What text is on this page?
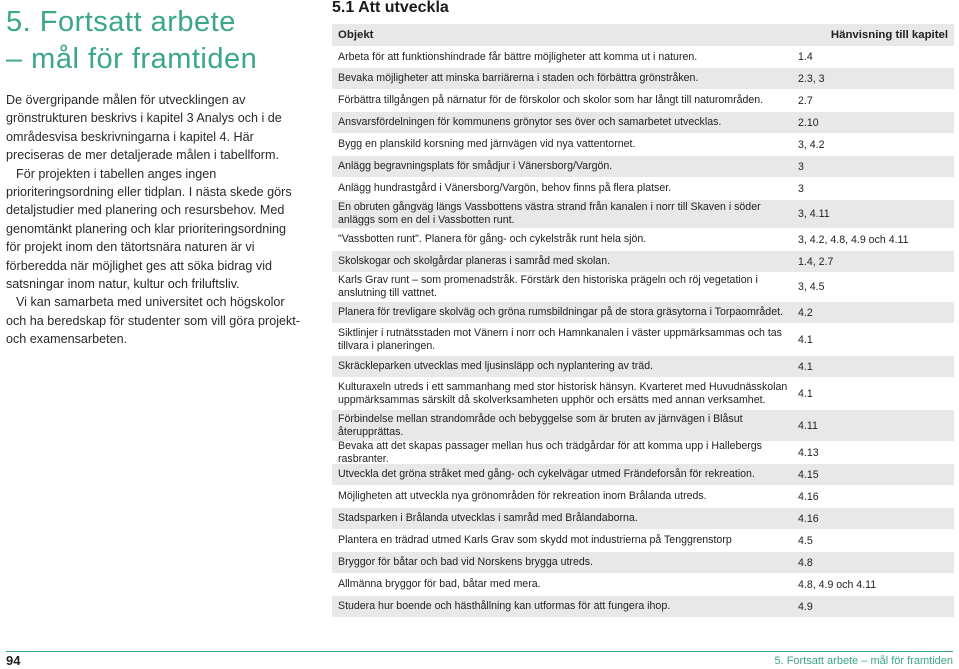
5. Fortsatt arbete
– mål för framtiden

De övergripande målen för utvecklingen av grönstrukturen beskrivs i kapitel 3 Analys och i de områdesvisa beskrivningarna i kapitel 4. Här preciseras de mer detaljerade målen i tabellform.

För projekten i tabellen anges ingen prioriteringsordning eller tidplan. I nästa skede görs detaljstudier med planering och resursbehov. Med genomtänkt planering och klar prioriteringsordning för projekt inom den tätortsnära naturen är vi förberedda när möjlighet ges att söka bidrag vid satsningar inom natur, kultur och friluftsliv.

Vi kan samarbeta med universitet och högskolor och ha beredskap för studenter som vill göra projekt- och examensarbeten.

5.1 Att utveckla
Objekt	Hänvisning till kapitel
Arbeta för att funktionshindrade får bättre möjligheter att komma ut i naturen.	1.4
Bevaka möjligheter att minska barriärerna i staden och förbättra grönstråken.	2.3, 3
Förbättra tillgången på närnatur för de förskolor och skolor som har långt till naturområden.	2.7
Ansvarsfördelningen för kommunens grönytor ses över och samarbetet utvecklas.	2.10
Bygg en planskild korsning med järnvägen vid nya vattentornet.	3, 4.2
Anlägg begravningsplats för smådjur i Vänersborg/Vargön.	3
Anlägg hundrastgård i Vänersborg/Vargön, behov finns på flera platser.	3
En obruten gångväg längs Vassbottens västra strand från kanalen i norr till Skaven i söder anläggs som en del i Vassbotten runt.	3, 4.11
"Vassbotten runt". Planera för gång- och cykelstråk runt hela sjön.	3, 4.2, 4.8, 4.9 och 4.11
Skolskogar och skolgårdar planeras i samråd med skolan.	1.4, 2.7
Karls Grav runt – som promenadstråk. Förstärk den historiska prägeln och röj vegetation i anslutning till vattnet.	3, 4.5
Planera för trevligare skolväg och gröna rumsbildningar på de stora gräsytorna i Torpaområdet.	4.2
Siktlinjer i rutnätsstaden mot Vänern i norr och Hamnkanalen i väster uppmärksammas och tas tillvara i planeringen.	4.1
Skräckleparken utvecklas med ljusinsläpp och nyplantering av träd.	4.1
Kulturaxeln utreds i ett sammanhang med stor historisk hänsyn. Kvarteret med Huvudnässkolan uppmärksammas särskilt då skolverksamheten upphör och ersätts med annan verksamhet.	4.1
Förbindelse mellan strandområde och bebyggelse som är bruten av järnvägen i Blåsut återupprättas.	4.11
Bevaka att det skapas passager mellan hus och trädgårdar för att komma upp i Hallebergs rasbranter.	4.13
Utveckla det gröna stråket med gång- och cykelvägar utmed Frändeforsån för rekreation.	4.15
Möjligheten att utveckla nya grönområden för rekreation inom Brålanda utreds.	4.16
Stadsparken i Brålanda utvecklas i samråd med Brålandaborna.	4.16
Plantera en trädrad utmed Karls Grav som skydd mot industrierna på Tenggrenstorp	4.5
Bryggor för båtar och bad vid Norskens brygga utreds.	4.8
Allmänna bryggor för bad, båtar med mera.	4.8, 4.9 och 4.11
Studera hur boende och hästhållning kan utformas för att fungera ihop.	4.9
94	5. Fortsatt arbete – mål för framtiden
